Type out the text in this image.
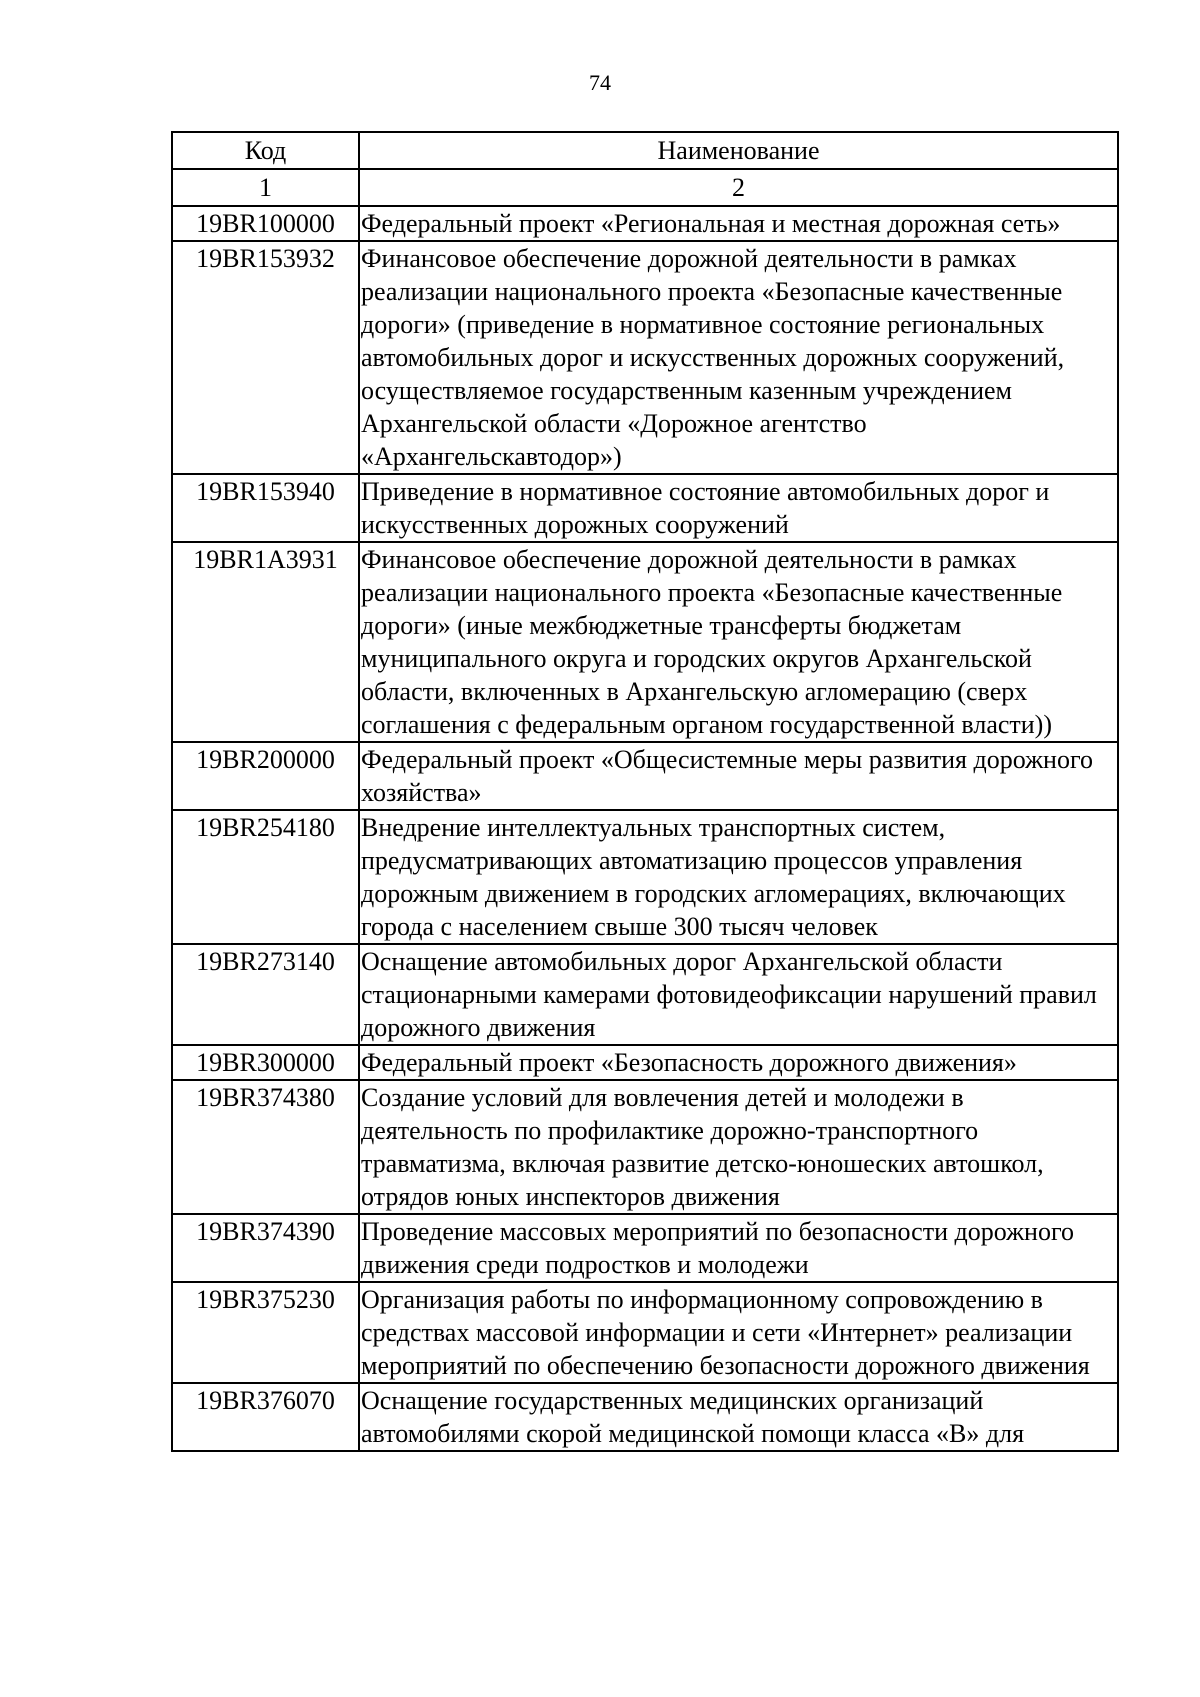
74
Код	Наименование
1	2
19BR100000	Федеральный проект «Региональная и местная дорожная сеть»
19BR153932	Финансовое обеспечение дорожной деятельности в рамках реализации национального проекта «Безопасные качественные дороги» (приведение в нормативное состояние региональных автомобильных дорог и искусственных дорожных сооружений, осуществляемое государственным казенным учреждением Архангельской области «Дорожное агентство «Архангельскавтодор»)
19BR153940	Приведение в нормативное состояние автомобильных дорог и искусственных дорожных сооружений
19BR1A3931	Финансовое обеспечение дорожной деятельности в рамках реализации национального проекта «Безопасные качественные дороги» (иные межбюджетные трансферты бюджетам муниципального округа и городских округов Архангельской области, включенных в Архангельскую агломерацию (сверх соглашения с федеральным органом государственной власти))
19BR200000	Федеральный проект «Общесистемные меры развития дорожного хозяйства»
19BR254180	Внедрение интеллектуальных транспортных систем, предусматривающих автоматизацию процессов управления дорожным движением в городских агломерациях, включающих города с населением свыше 300 тысяч человек
19BR273140	Оснащение автомобильных дорог Архангельской области стационарными камерами фотовидеофиксации нарушений правил дорожного движения
19BR300000	Федеральный проект «Безопасность дорожного движения»
19BR374380	Создание условий для вовлечения детей и молодежи в деятельность по профилактике дорожно-транспортного травматизма, включая развитие детско-юношеских автошкол, отрядов юных инспекторов движения
19BR374390	Проведение массовых мероприятий по безопасности дорожного движения среди подростков и молодежи
19BR375230	Организация работы по информационному сопровождению в средствах массовой информации и сети «Интернет» реализации мероприятий по обеспечению безопасности дорожного движения
19BR376070	Оснащение государственных медицинских организаций автомобилями скорой медицинской помощи класса «В» для
